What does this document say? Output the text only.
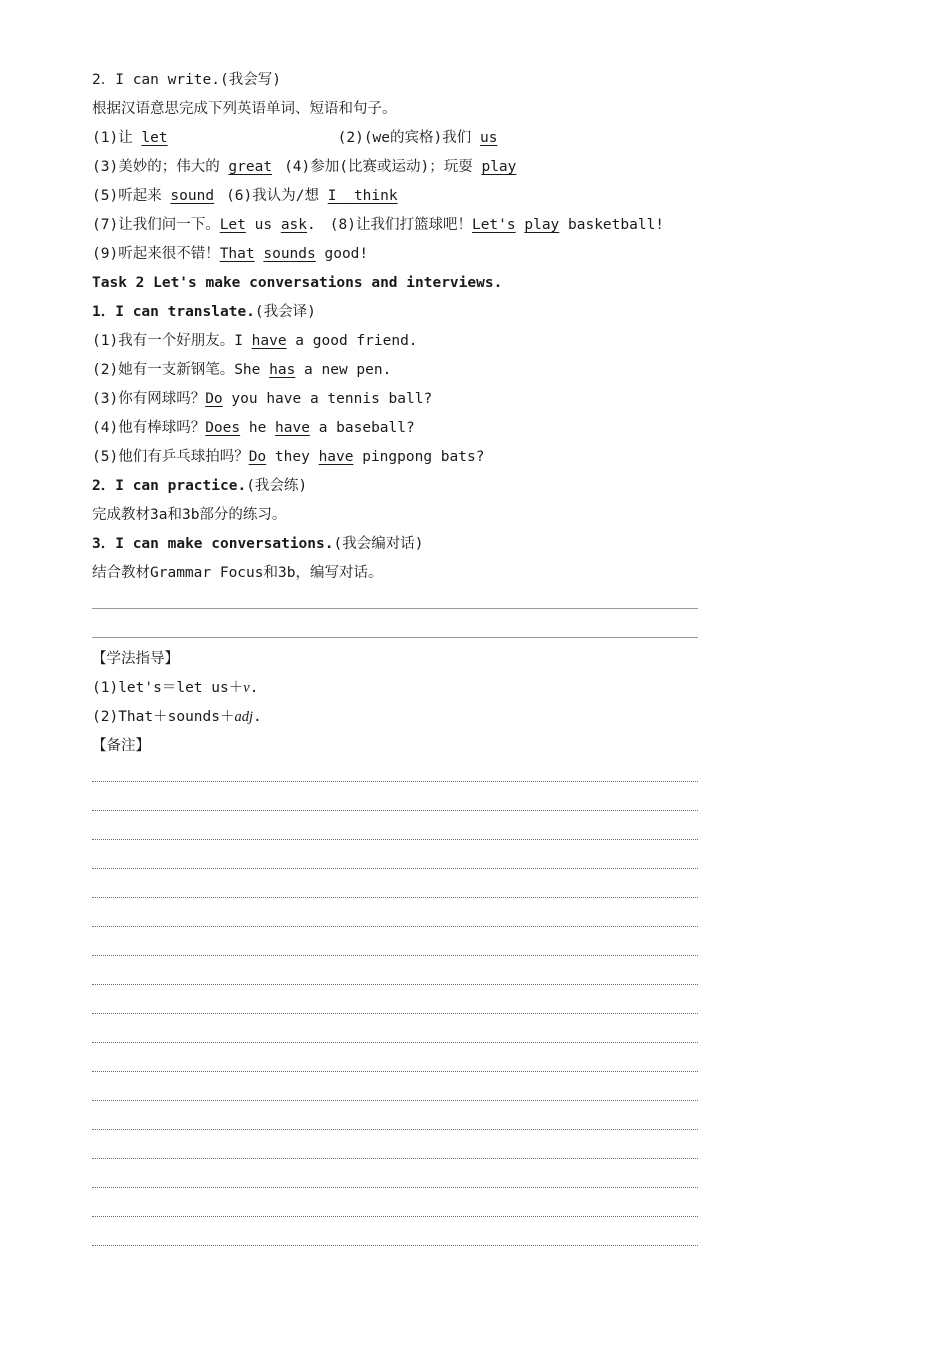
2．I can write.(我会写)
根据汉语意思完成下列英语单词、短语和句子。
(1)让 let	(2)(we的宾格)我们 us
(3)美妙的；伟大的 great (4)参加(比赛或运动)；玩耍 play
(5)听起来 sound (6)我认为/想 I think
(7)让我们问一下。Let us ask. (8)让我们打篮球吧！Let's play basketball!
(9)听起来很不错！That sounds good!
Task 2 Let's make conversations and interviews.
1．I can translate.(我会译)
(1)我有一个好朋友。I have a good friend.
(2)她有一支新钢笔。She has a new pen.
(3)你有网球吗？Do you have a tennis ball?
(4)他有棒球吗？Does he have a baseball?
(5)他们有乒乓球拍吗？Do they have pingpong bats?
2．I can practice.(我会练)
完成教材3a和3b部分的练习。
3．I can make conversations.(我会编对话)
结合教材Grammar Focus和3b，编写对话。
【学法指导】
(1)let's＝let us＋v.
(2)That＋sounds＋adj.
【备注】
